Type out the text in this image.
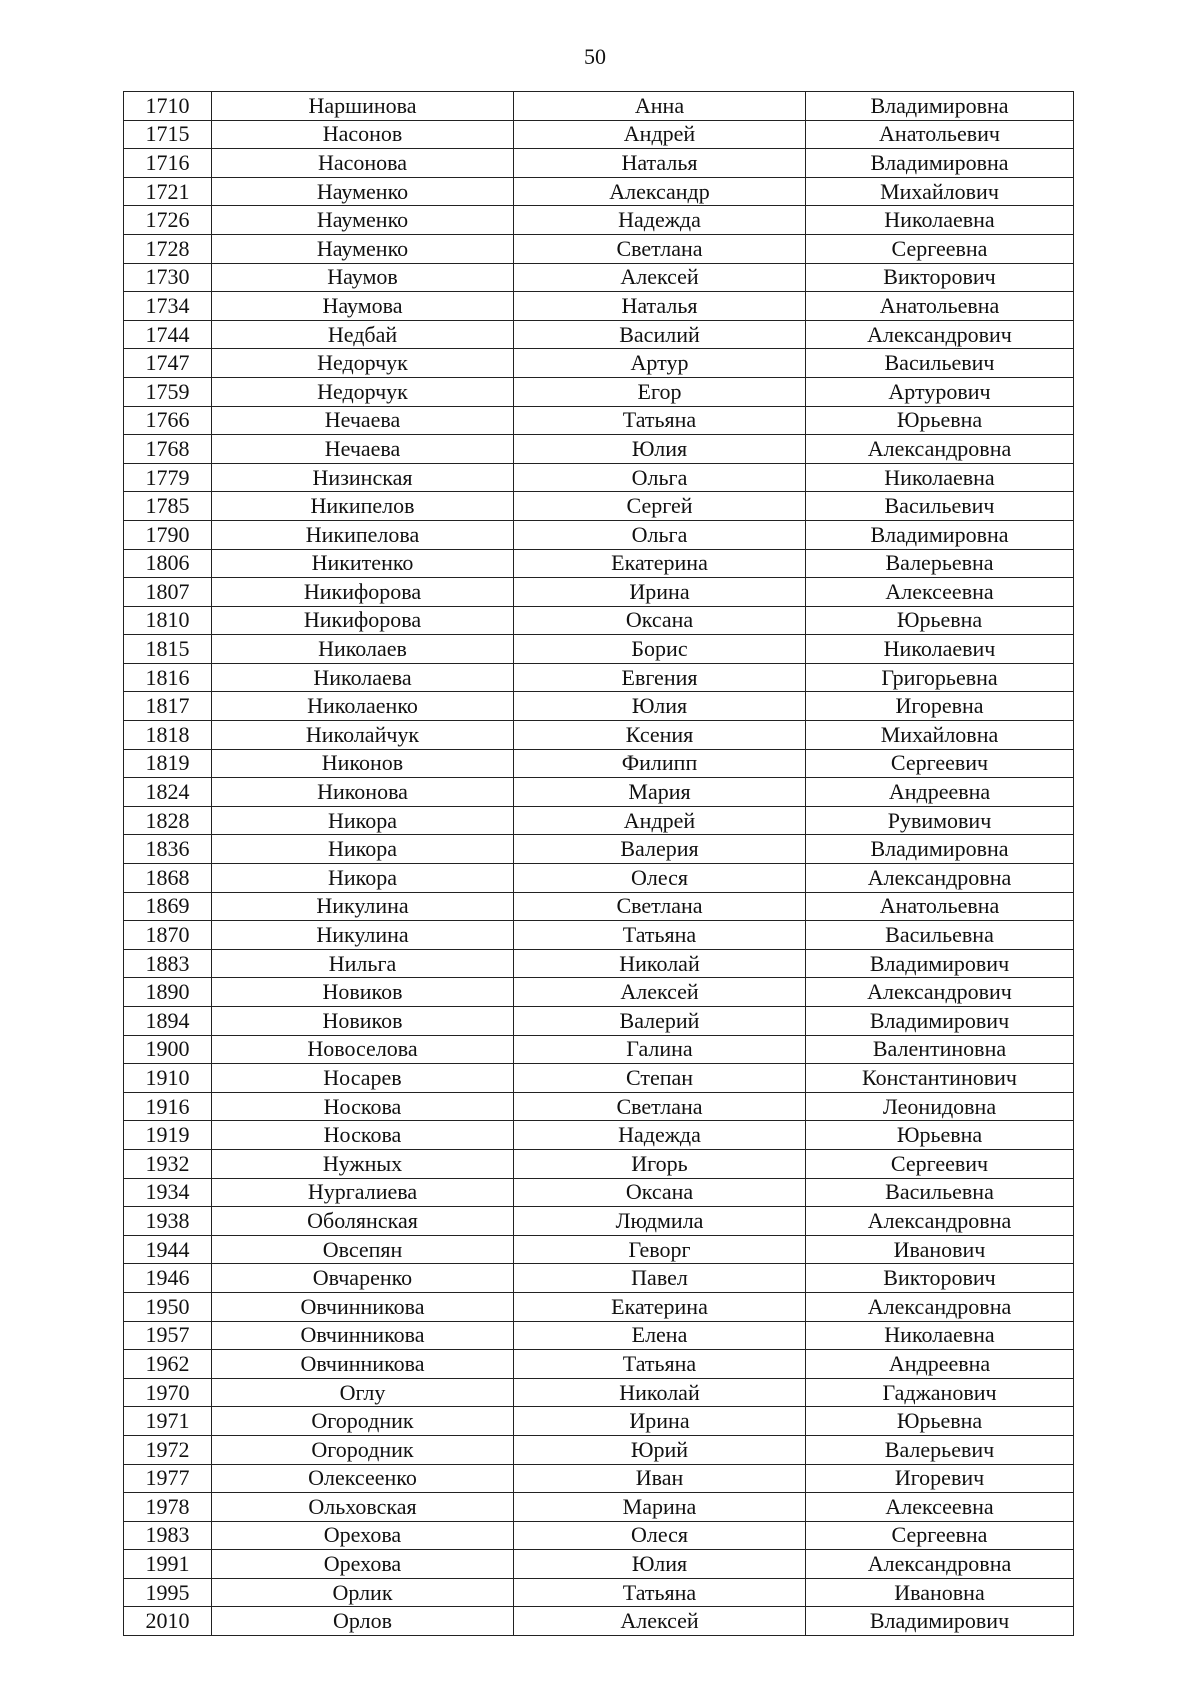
50
1710	Наршинова	Анна	Владимировна
1715	Насонов	Андрей	Анатольевич
1716	Насонова	Наталья	Владимировна
1721	Науменко	Александр	Михайлович
1726	Науменко	Надежда	Николаевна
1728	Науменко	Светлана	Сергеевна
1730	Наумов	Алексей	Викторович
1734	Наумова	Наталья	Анатольевна
1744	Недбай	Василий	Александрович
1747	Недорчук	Артур	Васильевич
1759	Недорчук	Егор	Артурович
1766	Нечаева	Татьяна	Юрьевна
1768	Нечаева	Юлия	Александровна
1779	Низинская	Ольга	Николаевна
1785	Никипелов	Сергей	Васильевич
1790	Никипелова	Ольга	Владимировна
1806	Никитенко	Екатерина	Валерьевна
1807	Никифорова	Ирина	Алексеевна
1810	Никифорова	Оксана	Юрьевна
1815	Николаев	Борис	Николаевич
1816	Николаева	Евгения	Григорьевна
1817	Николаенко	Юлия	Игоревна
1818	Николайчук	Ксения	Михайловна
1819	Никонов	Филипп	Сергеевич
1824	Никонова	Мария	Андреевна
1828	Никора	Андрей	Рувимович
1836	Никора	Валерия	Владимировна
1868	Никора	Олеся	Александровна
1869	Никулина	Светлана	Анатольевна
1870	Никулина	Татьяна	Васильевна
1883	Нильга	Николай	Владимирович
1890	Новиков	Алексей	Александрович
1894	Новиков	Валерий	Владимирович
1900	Новоселова	Галина	Валентиновна
1910	Носарев	Степан	Константинович
1916	Носкова	Светлана	Леонидовна
1919	Носкова	Надежда	Юрьевна
1932	Нужных	Игорь	Сергеевич
1934	Нургалиева	Оксана	Васильевна
1938	Оболянская	Людмила	Александровна
1944	Овсепян	Геворг	Иванович
1946	Овчаренко	Павел	Викторович
1950	Овчинникова	Екатерина	Александровна
1957	Овчинникова	Елена	Николаевна
1962	Овчинникова	Татьяна	Андреевна
1970	Оглу	Николай	Гаджанович
1971	Огородник	Ирина	Юрьевна
1972	Огородник	Юрий	Валерьевич
1977	Олексеенко	Иван	Игоревич
1978	Ольховская	Марина	Алексеевна
1983	Орехова	Олеся	Сергеевна
1991	Орехова	Юлия	Александровна
1995	Орлик	Татьяна	Ивановна
2010	Орлов	Алексей	Владимирович
